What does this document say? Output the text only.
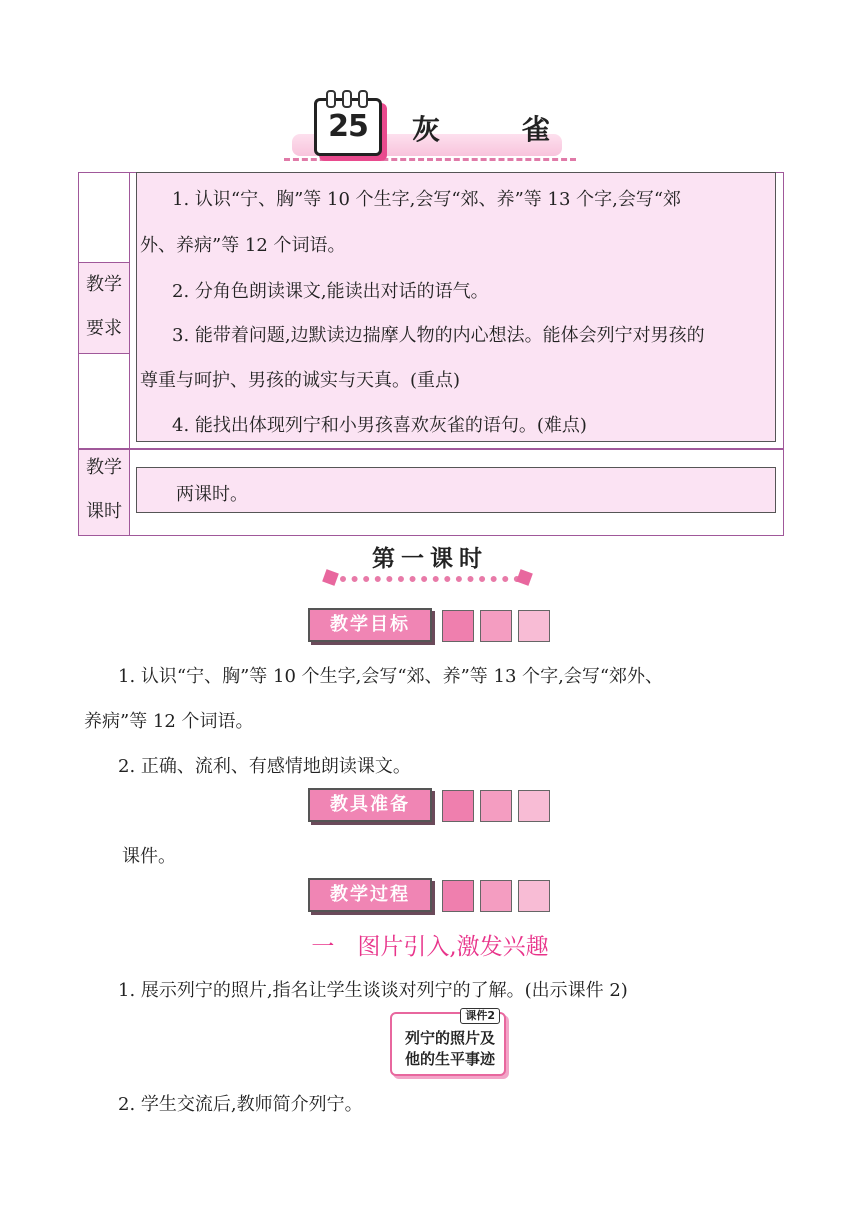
25	灰	雀
教学
要求
教学
课时
1. 认识“宁、胸”等 10 个生字,会写“郊、养”等 13 个字,会写“郊
外、养病”等 12 个词语。
2. 分角色朗读课文,能读出对话的语气。
3. 能带着问题,边默读边揣摩人物的内心想法。能体会列宁对男孩的
尊重与呵护、男孩的诚实与天真。(重点)
4. 能找出体现列宁和小男孩喜欢灰雀的语句。(难点)
两课时。
第一课时
教学目标
1. 认识“宁、胸”等 10 个生字,会写“郊、养”等 13 个字,会写“郊外、
养病”等 12 个词语。
2. 正确、流利、有感情地朗读课文。
教具准备
课件。
教学过程
一　图片引入,激发兴趣
1. 展示列宁的照片,指名让学生谈谈对列宁的了解。(出示课件 2)
课件2
列宁的照片及
他的生平事迹
2. 学生交流后,教师简介列宁。
